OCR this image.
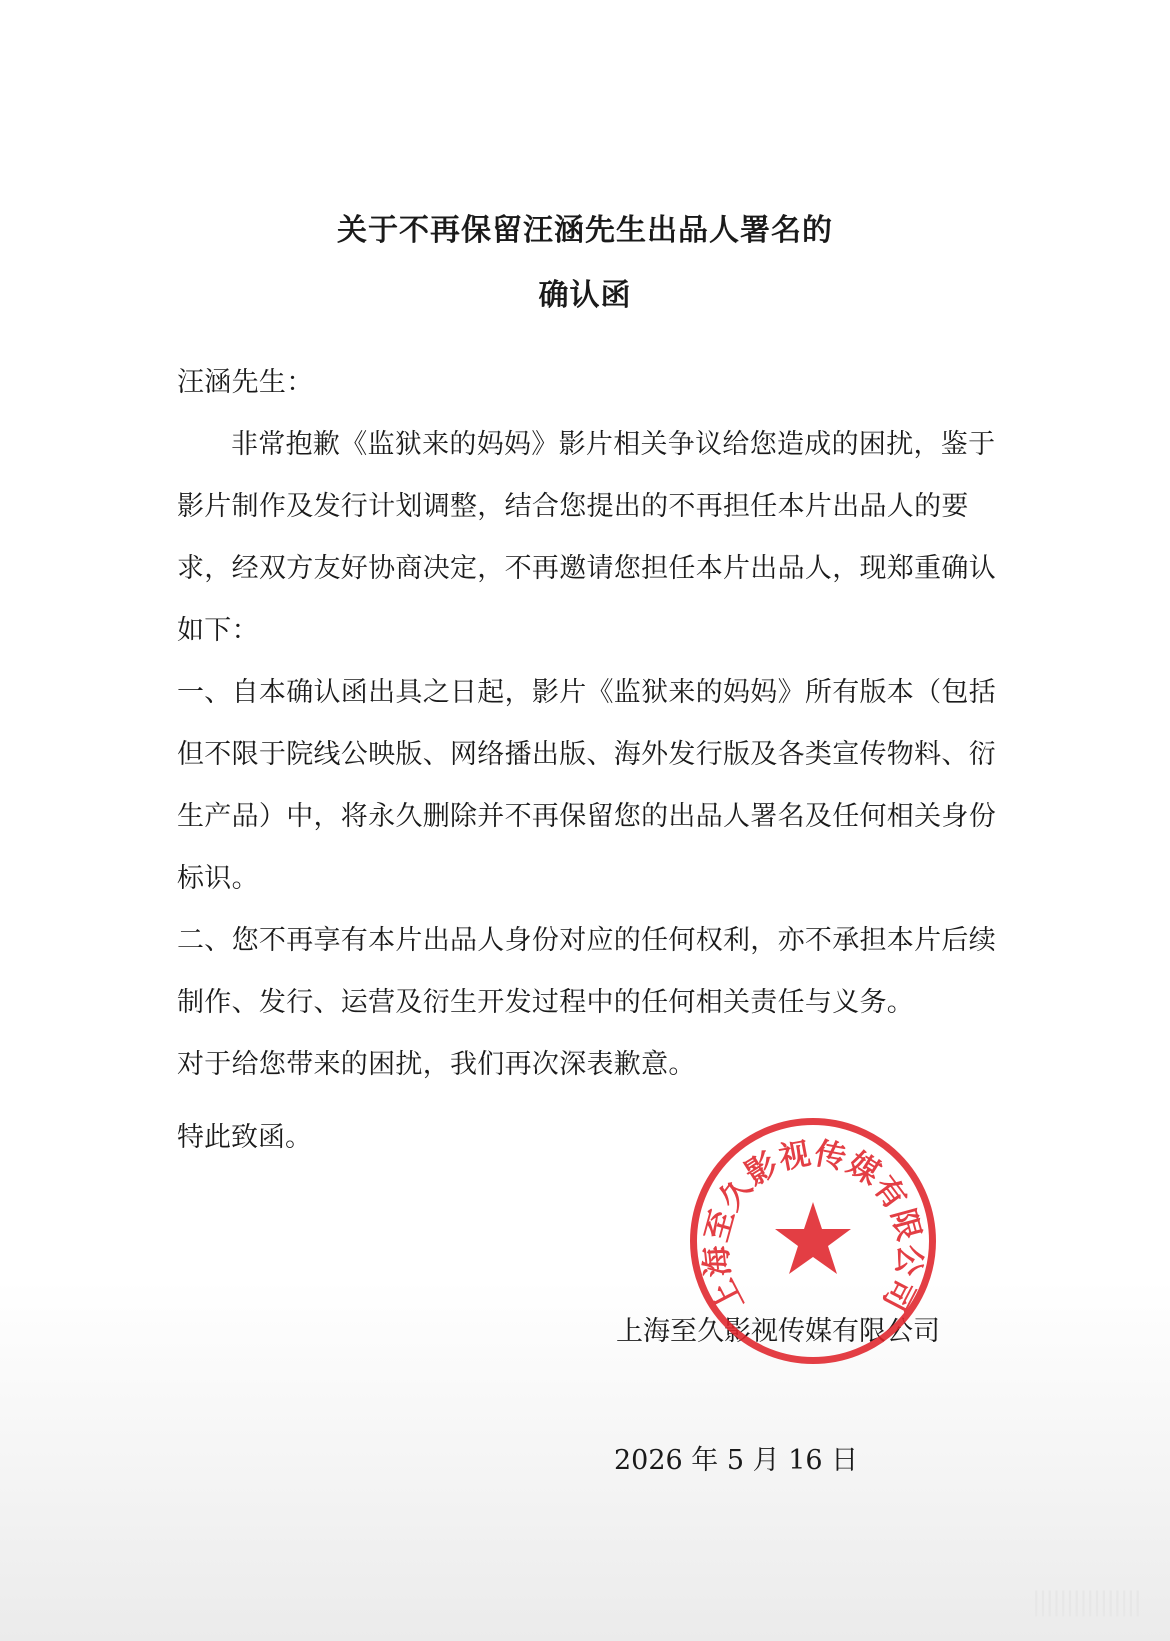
关于不再保留汪涵先生出品人署名的
确认函

汪涵先生：

非常抱歉《监狱来的妈妈》影片相关争议给您造成的困扰，鉴于影片制作及发行计划调整，结合您提出的不再担任本片出品人的要求，经双方友好协商决定，不再邀请您担任本片出品人，现郑重确认如下：

一、自本确认函出具之日起，影片《监狱来的妈妈》所有版本（包括但不限于院线公映版、网络播出版、海外发行版及各类宣传物料、衍生产品）中，将永久删除并不再保留您的出品人署名及任何相关身份标识。

二、您不再享有本片出品人身份对应的任何权利，亦不承担本片后续制作、发行、运营及衍生开发过程中的任何相关责任与义务。

对于给您带来的困扰，我们再次深表歉意。

特此致函。

上海至久影视传媒有限公司

上海至久影视传媒有限公司

2026 年 5 月 16 日

||||||||||||||||
